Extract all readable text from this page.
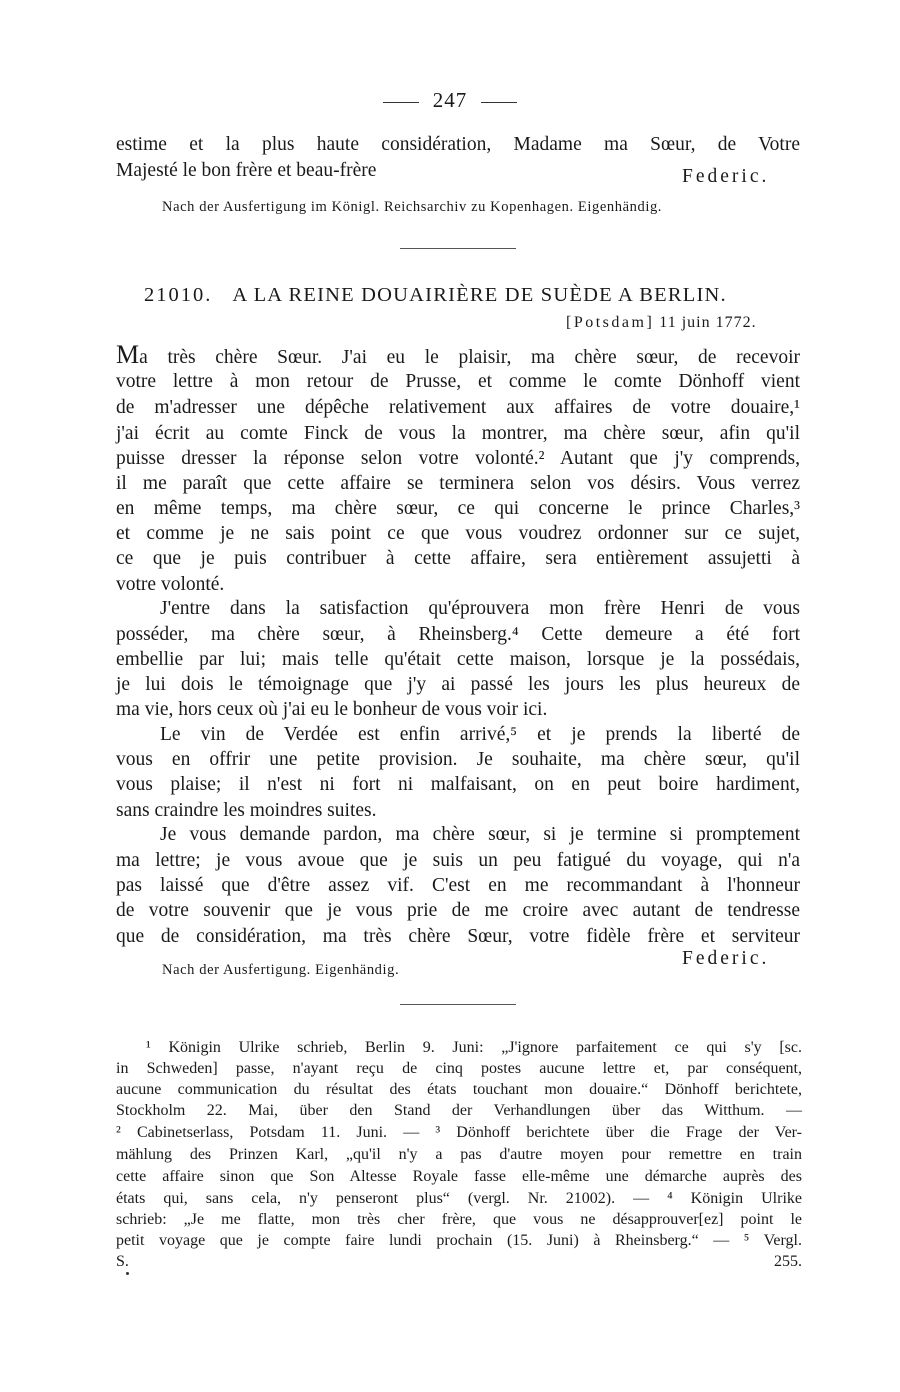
247
estime et la plus haute considération, Madame ma Sœur, de Votre
Majesté le bon frère et beau-frère	Federic.
Nach der Ausfertigung im Königl. Reichsarchiv zu Kopenhagen. Eigenhändig.
21010. A LA REINE DOUAIRIÈRE DE SUÈDE A BERLIN.
[Potsdam] 11 juin 1772.
Ma très chère Sœur. J'ai eu le plaisir, ma chère sœur, de recevoir
votre lettre à mon retour de Prusse, et comme le comte Dönhoff vient
de m'adresser une dépêche relativement aux affaires de votre douaire,¹
j'ai écrit au comte Finck de vous la montrer, ma chère sœur, afin qu'il
puisse dresser la réponse selon votre volonté.² Autant que j'y comprends,
il me paraît que cette affaire se terminera selon vos désirs. Vous verrez
en même temps, ma chère sœur, ce qui concerne le prince Charles,³
et comme je ne sais point ce que vous voudrez ordonner sur ce sujet,
ce que je puis contribuer à cette affaire, sera entièrement assujetti à
votre volonté.
J'entre dans la satisfaction qu'éprouvera mon frère Henri de vous
posséder, ma chère sœur, à Rheinsberg.⁴ Cette demeure a été fort
embellie par lui; mais telle qu'était cette maison, lorsque je la possédais,
je lui dois le témoignage que j'y ai passé les jours les plus heureux de
ma vie, hors ceux où j'ai eu le bonheur de vous voir ici.
Le vin de Verdée est enfin arrivé,⁵ et je prends la liberté de
vous en offrir une petite provision. Je souhaite, ma chère sœur, qu'il
vous plaise; il n'est ni fort ni malfaisant, on en peut boire hardiment,
sans craindre les moindres suites.
Je vous demande pardon, ma chère sœur, si je termine si promptement
ma lettre; je vous avoue que je suis un peu fatigué du voyage, qui n'a
pas laissé que d'être assez vif. C'est en me recommandant à l'honneur
de votre souvenir que je vous prie de me croire avec autant de tendresse
que de considération, ma très chère Sœur, votre fidèle frère et serviteur
Federic.
Nach der Ausfertigung. Eigenhändig.
¹ Königin Ulrike schrieb, Berlin 9. Juni: „J'ignore parfaitement ce qui s'y [sc.
in Schweden] passe, n'ayant reçu de cinq postes aucune lettre et, par conséquent,
aucune communication du résultat des états touchant mon douaire.“ Dönhoff berichtete,
Stockholm 22. Mai, über den Stand der Verhandlungen über das Witthum. —
² Cabinetserlass, Potsdam 11. Juni. — ³ Dönhoff berichtete über die Frage der Ver-
mählung des Prinzen Karl, „qu'il n'y a pas d'autre moyen pour remettre en train
cette affaire sinon que Son Altesse Royale fasse elle-même une démarche auprès des
états qui, sans cela, n'y penseront plus“ (vergl. Nr. 21002). — ⁴ Königin Ulrike
schrieb: „Je me flatte, mon très cher frère, que vous ne désapprouver[ez] point le
petit voyage que je compte faire lundi prochain (15. Juni) à Rheinsberg.“ — ⁵ Vergl.
S. 255.
